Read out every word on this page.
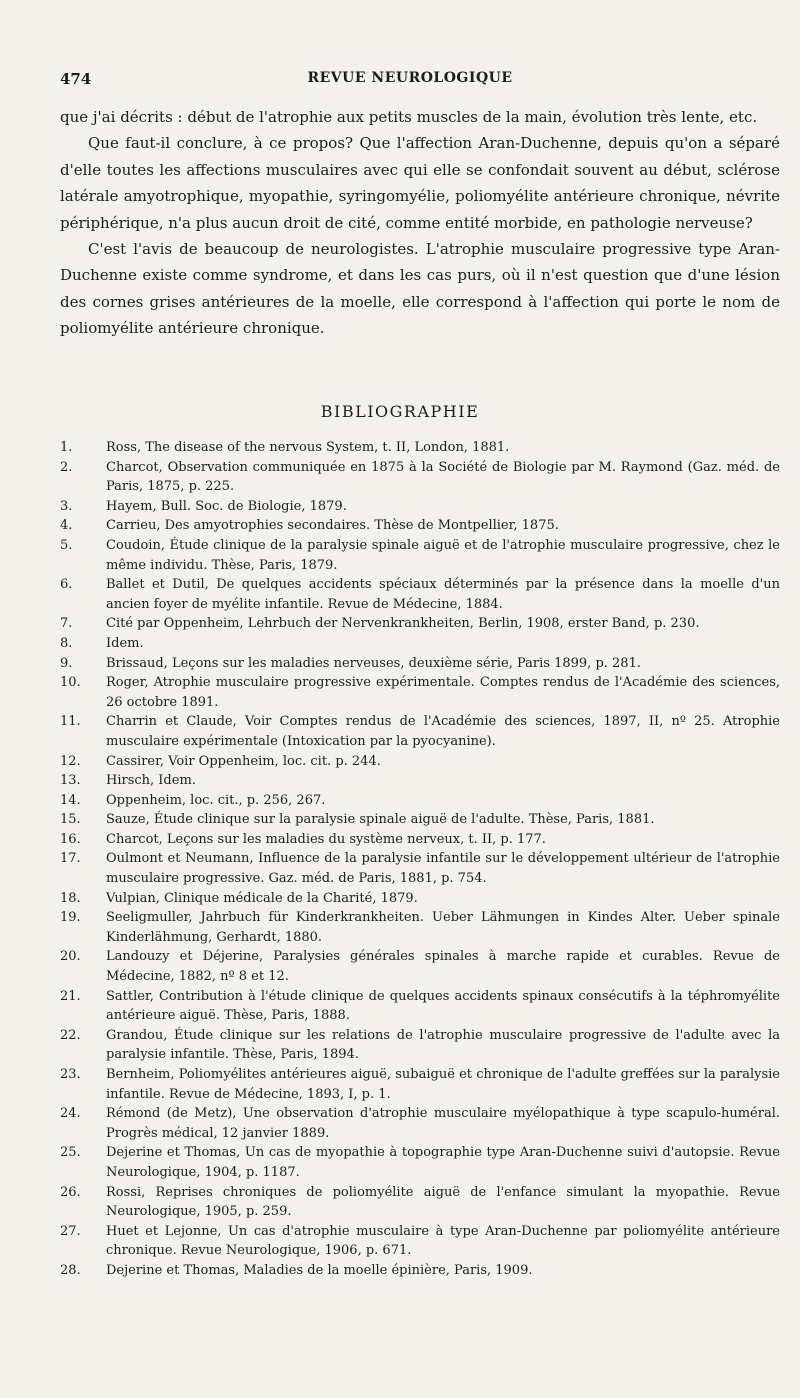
474	REVUE NEUROLOGIQUE

que j'ai décrits : début de l'atrophie aux petits muscles de la main, évolution très lente, etc.

Que faut-il conclure, à ce propos? Que l'affection Aran-Duchenne, depuis qu'on a séparé d'elle toutes les affections musculaires avec qui elle se confondait souvent au début, sclérose latérale amyotrophique, myopathie, syringomyélie, poliomyélite antérieure chronique, névrite périphérique, n'a plus aucun droit de cité, comme entité morbide, en pathologie nerveuse?

C'est l'avis de beaucoup de neurologistes. L'atrophie musculaire progressive type Aran-Duchenne existe comme syndrome, et dans les cas purs, où il n'est question que d'une lésion des cornes grises antérieures de la moelle, elle correspond à l'affection qui porte le nom de poliomyélite antérieure chronique.

BIBLIOGRAPHIE
1.	Ross, The disease of the nervous System, t. II, London, 1881.
2.	Charcot, Observation communiquée en 1875 à la Société de Biologie par M. Raymond (Gaz. méd. de Paris, 1875, p. 225.
3.	Hayem, Bull. Soc. de Biologie, 1879.
4.	Carrieu, Des amyotrophies secondaires. Thèse de Montpellier, 1875.
5.	Coudoin, Étude clinique de la paralysie spinale aiguë et de l'atrophie musculaire progressive, chez le même individu. Thèse, Paris, 1879.
6.	Ballet et Dutil, De quelques accidents spéciaux déterminés par la présence dans la moelle d'un ancien foyer de myélite infantile. Revue de Médecine, 1884.
7.	Cité par Oppenheim, Lehrbuch der Nervenkrankheiten, Berlin, 1908, erster Band, p. 230.
8.	Idem.
9.	Brissaud, Leçons sur les maladies nerveuses, deuxième série, Paris 1899, p. 281.
10.	Roger, Atrophie musculaire progressive expérimentale. Comptes rendus de l'Académie des sciences, 26 octobre 1891.
11.	Charrin et Claude, Voir Comptes rendus de l'Académie des sciences, 1897, II, nº 25. Atrophie musculaire expérimentale (Intoxication par la pyocyanine).
12.	Cassirer, Voir Oppenheim, loc. cit. p. 244.
13.	Hirsch, Idem.
14.	Oppenheim, loc. cit., p. 256, 267.
15.	Sauze, Étude clinique sur la paralysie spinale aiguë de l'adulte. Thèse, Paris, 1881.
16.	Charcot, Leçons sur les maladies du système nerveux, t. II, p. 177.
17.	Oulmont et Neumann, Influence de la paralysie infantile sur le développement ultérieur de l'atrophie musculaire progressive. Gaz. méd. de Paris, 1881, p. 754.
18.	Vulpian, Clinique médicale de la Charité, 1879.
19.	Seeligmuller, Jahrbuch für Kinderkrankheiten. Ueber Lähmungen in Kindes Alter. Ueber spinale Kinderlähmung, Gerhardt, 1880.
20.	Landouzy et Déjerine, Paralysies générales spinales à marche rapide et curables. Revue de Médecine, 1882, nº 8 et 12.
21.	Sattler, Contribution à l'étude clinique de quelques accidents spinaux consécutifs à la téphromyélite antérieure aiguë. Thèse, Paris, 1888.
22.	Grandou, Étude clinique sur les relations de l'atrophie musculaire progressive de l'adulte avec la paralysie infantile. Thèse, Paris, 1894.
23.	Bernheim, Poliomyélites antérieures aiguë, subaiguë et chronique de l'adulte greffées sur la paralysie infantile. Revue de Médecine, 1893, I, p. 1.
24.	Rémond (de Metz), Une observation d'atrophie musculaire myélopathique à type scapulo-huméral. Progrès médical, 12 janvier 1889.
25.	Dejerine et Thomas, Un cas de myopathie à topographie type Aran-Duchenne suivi d'autopsie. Revue Neurologique, 1904, p. 1187.
26.	Rossi, Reprises chroniques de poliomyélite aiguë de l'enfance simulant la myopathie. Revue Neurologique, 1905, p. 259.
27.	Huet et Lejonne, Un cas d'atrophie musculaire à type Aran-Duchenne par poliomyélite antérieure chronique. Revue Neurologique, 1906, p. 671.
28.	Dejerine et Thomas, Maladies de la moelle épinière, Paris, 1909.
